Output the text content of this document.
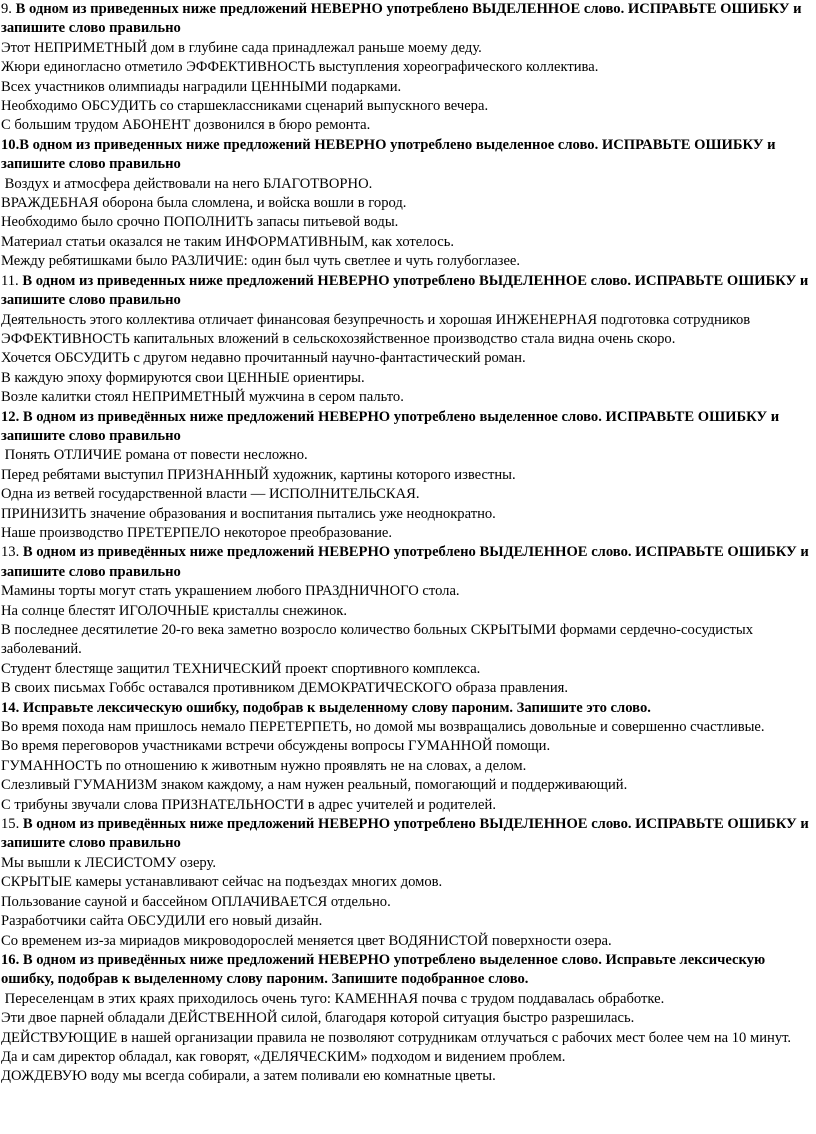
9. В одном из приведенных ниже предложений НЕВЕРНО употреблено ВЫДЕЛЕННОЕ слово. ИСПРАВЬТЕ ОШИБКУ и запишите слово правильно
Этот НЕПРИМЕТНЫЙ дом в глубине сада принадлежал раньше моему деду.
Жюри единогласно отметило ЭФФЕКТИВНОСТЬ выступления хореографического коллектива.
Всех участников олимпиады наградили ЦЕННЫМИ подарками.
Необходимо ОБСУДИТЬ со старшеклассниками сценарий выпускного вечера.
С большим трудом АБОНЕНТ дозвонился в бюро ремонта.
10.В одном из приведенных ниже предложений НЕВЕРНО употреблено выделенное слово. ИСПРАВЬТЕ ОШИБКУ и запишите слово правильно
Воздух и атмосфера действовали на него БЛАГОТВОРНО.
ВРАЖДЕБНАЯ оборона была сломлена, и войска вошли в город.
Необходимо было срочно ПОПОЛНИТЬ запасы питьевой воды.
Материал статьи оказался не таким ИНФОРМАТИВНЫМ, как хотелось.
Между ребятишками было РАЗЛИЧИЕ: один был чуть светлее и чуть голубоглазее.
11. В одном из приведенных ниже предложений НЕВЕРНО употреблено ВЫДЕЛЕННОЕ слово. ИСПРАВЬТЕ ОШИБКУ и запишите слово правильно
Деятельность этого коллектива отличает финансовая безупречность и хорошая ИНЖЕНЕРНАЯ подготовка сотрудников
ЭФФЕКТИВНОСТЬ капитальных вложений в сельскохозяйственное производство стала видна очень скоро.
Хочется ОБСУДИТЬ с другом недавно прочитанный научно-фантастический роман.
В каждую эпоху формируются свои ЦЕННЫЕ ориентиры.
Возле калитки стоял НЕПРИМЕТНЫЙ мужчина в сером пальто.
12. В одном из приведённых ниже предложений НЕВЕРНО употреблено выделенное слово. ИСПРАВЬТЕ ОШИБКУ и запишите слово правильно
Понять ОТЛИЧИЕ романа от повести несложно.
Перед ребятами выступил ПРИЗНАННЫЙ художник, картины которого известны.
Одна из ветвей государственной власти — ИСПОЛНИТЕЛЬСКАЯ.
ПРИНИЗИТЬ значение образования и воспитания пытались уже неоднократно.
Наше производство ПРЕТЕРПЕЛО некоторое преобразование.
13. В одном из приведённых ниже предложений НЕВЕРНО употреблено ВЫДЕЛЕННОЕ слово. ИСПРАВЬТЕ ОШИБКУ и запишите слово правильно
Мамины торты могут стать украшением любого ПРАЗДНИЧНОГО стола.
На солнце блестят ИГОЛОЧНЫЕ кристаллы снежинок.
В последнее десятилетие 20-го века заметно возросло количество больных СКРЫТЫМИ формами сердечно-сосудистых заболеваний.
Студент блестяще защитил ТЕХНИЧЕСКИЙ проект спортивного комплекса.
В своих письмах Гоббс оставался противником ДЕМОКРАТИЧЕСКОГО образа правления.
14. Исправьте лексическую ошибку, подобрав к выделенному слову пароним. Запишите это слово.
Во время похода нам пришлось немало ПЕРЕТЕРПЕТЬ, но домой мы возвращались довольные и совершенно счастливые.
Во время переговоров участниками встречи обсуждены вопросы ГУМАННОЙ помощи.
ГУМАННОСТЬ по отношению к животным нужно проявлять не на словах, а делом.
Слезливый ГУМАНИЗМ знаком каждому, а нам нужен реальный, помогающий и поддерживающий.
С трибуны звучали слова ПРИЗНАТЕЛЬНОСТИ в адрес учителей и родителей.
15. В одном из приведённых ниже предложений НЕВЕРНО употреблено ВЫДЕЛЕННОЕ слово. ИСПРАВЬТЕ ОШИБКУ и запишите слово правильно
Мы вышли к ЛЕСИСТОМУ озеру.
СКРЫТЫЕ камеры устанавливают сейчас на подъездах многих домов.
Пользование сауной и бассейном ОПЛАЧИВАЕТСЯ отдельно.
Разработчики сайта ОБСУДИЛИ его новый дизайн.
Со временем из-за мириадов микроводорослей меняется цвет ВОДЯНИСТОЙ поверхности озера.
16. В одном из приведённых ниже предложений НЕВЕРНО употреблено выделенное слово. Исправьте лексическую ошибку, подобрав к выделенному слову пароним. Запишите подобранное слово.
Переселенцам в этих краях приходилось очень туго: КАМЕННАЯ почва с трудом поддавалась обработке.
Эти двое парней обладали ДЕЙСТВЕННОЙ силой, благодаря которой ситуация быстро разрешилась.
ДЕЙСТВУЮЩИЕ в нашей организации правила не позволяют сотрудникам отлучаться с рабочих мест более чем на 10 минут.
Да и сам директор обладал, как говорят, «ДЕЛЯЧЕСКИМ» подходом и видением проблем.
ДОЖДЕВУЮ воду мы всегда собирали, а затем поливали ею комнатные цветы.
